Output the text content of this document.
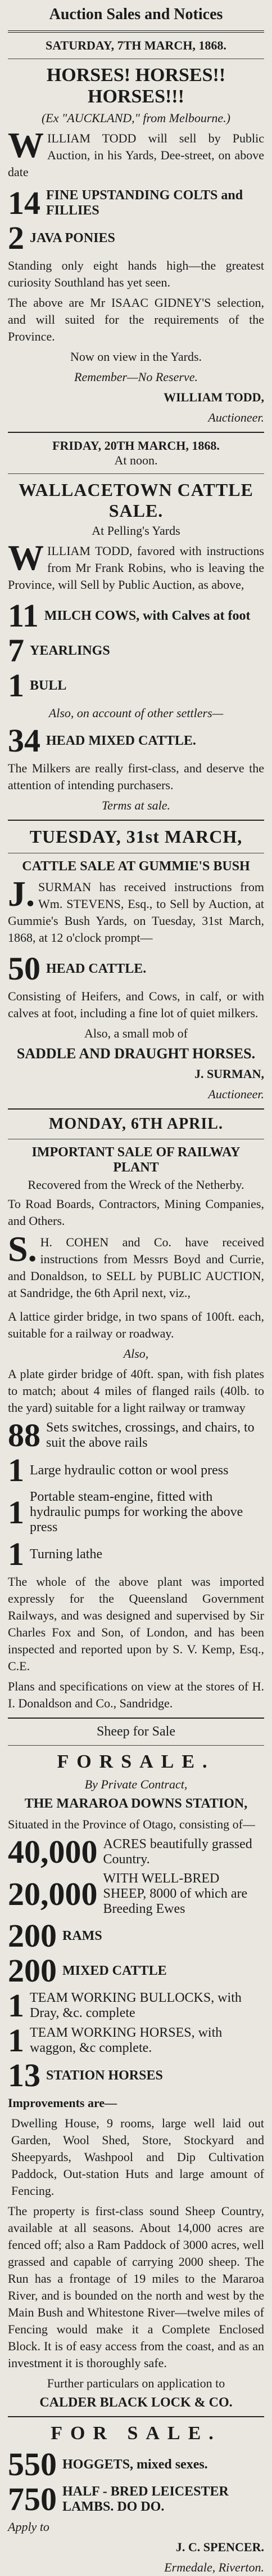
Auction Sales and Notices
SATURDAY, 7TH MARCH, 1868.
HORSES! HORSES!! HORSES!!!
(Ex "AUCKLAND," from Melbourne.)
W ILLIAM TODD will sell by Public Auction, in his Yards, Dee-street, on above date
14 FINE UPSTANDING COLTS and FILLIES
2 JAVA PONIES
Standing only eight hands high—the greatest curiosity Southland has yet seen.
The above are Mr ISAAC GIDNEY'S selection, and will suited for the requirements of the Province.
Now on view in the Yards.
Remember—No Reserve.
WILLIAM TODD,
Auctioneer.
FRIDAY, 20TH MARCH, 1868.
At noon.
WALLACETOWN CATTLE SALE.
At Pelling's Yards
W ILLIAM TODD, favored with instructions from Mr Frank Robins, who is leaving the Province, will Sell by Public Auction, as above,
11 MILCH COWS, with Calves at foot
7 YEARLINGS
1 BULL
Also, on account of other settlers—
34 HEAD MIXED CATTLE.
The Milkers are really first-class, and deserve the attention of intending purchasers.
Terms at sale.
TUESDAY, 31st MARCH,
CATTLE SALE AT GUMMIE'S BUSH
J. SURMAN has received instructions from Wm. STEVENS, Esq., to Sell by Auction, at Gummie's Bush Yards, on Tuesday, 31st March, 1868, at 12 o'clock prompt—
50 HEAD CATTLE.
Consisting of Heifers, and Cows, in calf, or with calves at foot, including a fine lot of quiet milkers.
Also, a small mob of
SADDLE AND DRAUGHT HORSES.
J. SURMAN,
Auctioneer.
MONDAY, 6TH APRIL.
IMPORTANT SALE OF RAILWAY PLANT
Recovered from the Wreck of the Netherby.
To Road Boards, Contractors, Mining Companies, and Others.
S. H. COHEN and Co. have received instructions from Messrs Boyd and Currie, and Donaldson, to SELL by PUBLIC AUCTION, at Sandridge, the 6th April next, viz.,
A lattice girder bridge, in two spans of 100ft. each, suitable for a railway or roadway.
Also,
A plate girder bridge of 40ft. span, with fish plates to match; about 4 miles of flanged rails (40lb. to the yard) suitable for a light railway or tramway
88 Sets switches, crossings, and chairs, to suit the above rails
1 Large hydraulic cotton or wool press
1 Portable steam-engine, fitted with hydraulic pumps for working the above press
1 Turning lathe
The whole of the above plant was imported expressly for the Queensland Government Railways, and was designed and supervised by Sir Charles Fox and Son, of London, and has been inspected and reported upon by S. V. Kemp, Esq., C.E.
Plans and specifications on view at the stores of H. I. Donaldson and Co., Sandridge.
Sheep for Sale
FORSALE.
By Private Contract,
THE MARAROA DOWNS STATION,
Situated in the Province of Otago, consisting of—
40,000 ACRES beautifully grassed Country.
20,000 WITH WELL-BRED SHEEP, 8000 of which are Breeding Ewes
200 RAMS
200 MIXED CATTLE
1 TEAM WORKING BULLOCKS, with Dray, &c. complete
1 TEAM WORKING HORSES, with waggon, &c complete.
13 STATION HORSES
Improvements are—
Dwelling House, 9 rooms, large well laid out Garden, Wool Shed, Store, Stockyard and Sheepyards, Washpool and Dip Cultivation Paddock, Out-station Huts and large amount of Fencing.
The property is first-class sound Sheep Country, available at all seasons. About 14,000 acres are fenced off; also a Ram Paddock of 3000 acres, well grassed and capable of carrying 2000 sheep. The Run has a frontage of 19 miles to the Mararoa River, and is bounded on the north and west by the Main Bush and Whitestone River—twelve miles of Fencing would make it a Complete Enclosed Block. It is of easy access from the coast, and as an investment it is thoroughly safe.
Further particulars on application to
CALDER BLACK LOCK & CO.
FOR SALE.
550 HOGGETS, mixed sexes.
750 HALF - BRED LEICESTER LAMBS. DO DO.
Apply to
J. C. SPENCER.
Ermedale, Riverton.
